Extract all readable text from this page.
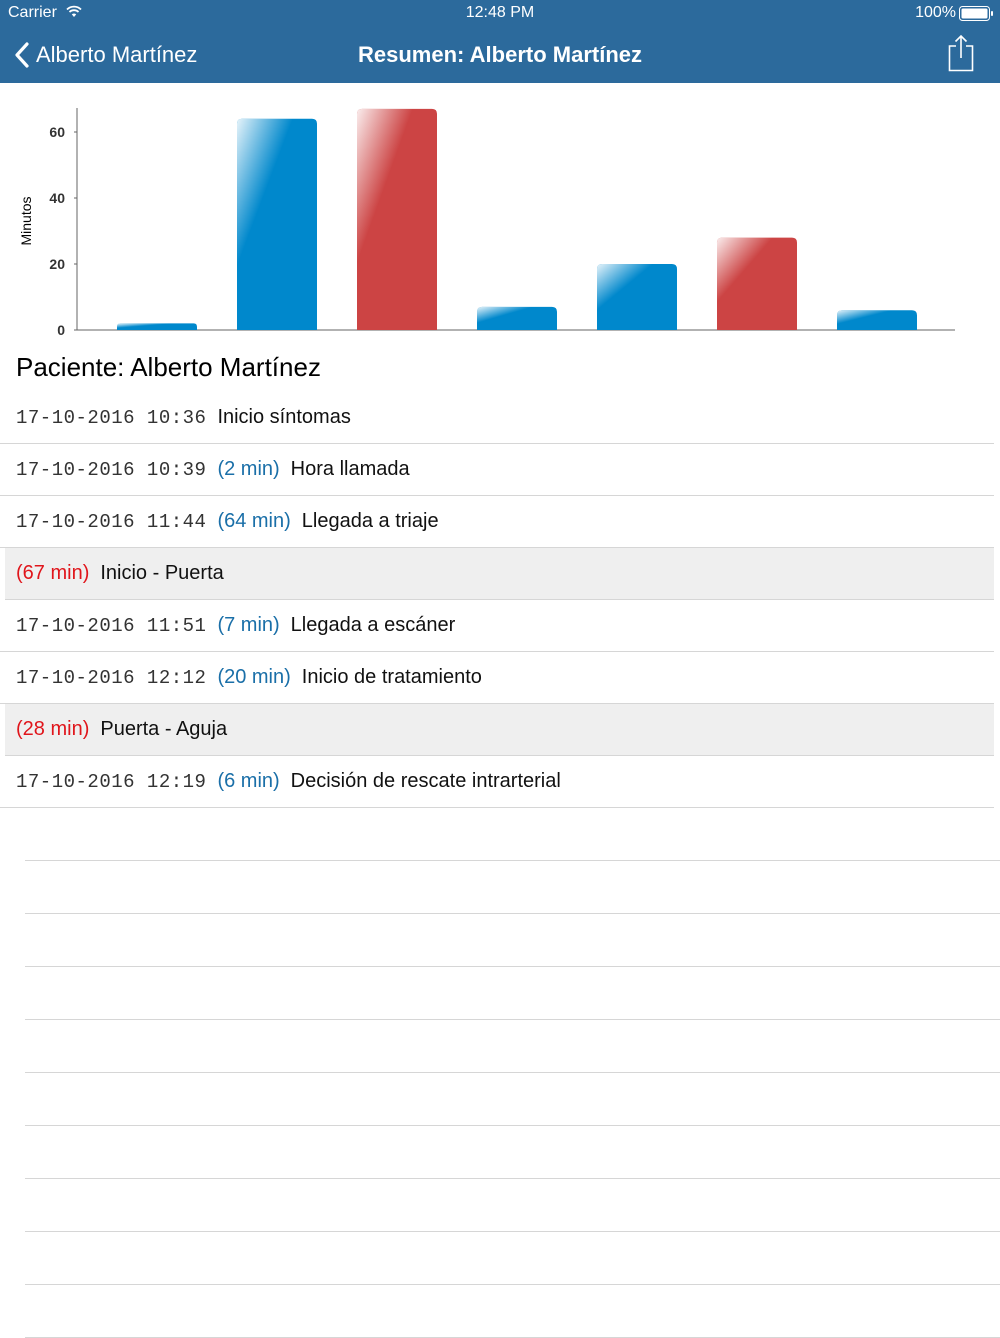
Carrier	12:48 PM	100%
Alberto Martínez	Resumen: Alberto Martínez
0
20
40
60
Minutos
Paciente: Alberto Martínez
17-10-2016 10:36 Inicio síntomas
17-10-2016 10:39 (2 min) Hora llamada
17-10-2016 11:44 (64 min) Llegada a triaje
(67 min) Inicio - Puerta
17-10-2016 11:51 (7 min) Llegada a escáner
17-10-2016 12:12 (20 min) Inicio de tratamiento
(28 min) Puerta - Aguja
17-10-2016 12:19 (6 min) Decisión de rescate intrarterial
